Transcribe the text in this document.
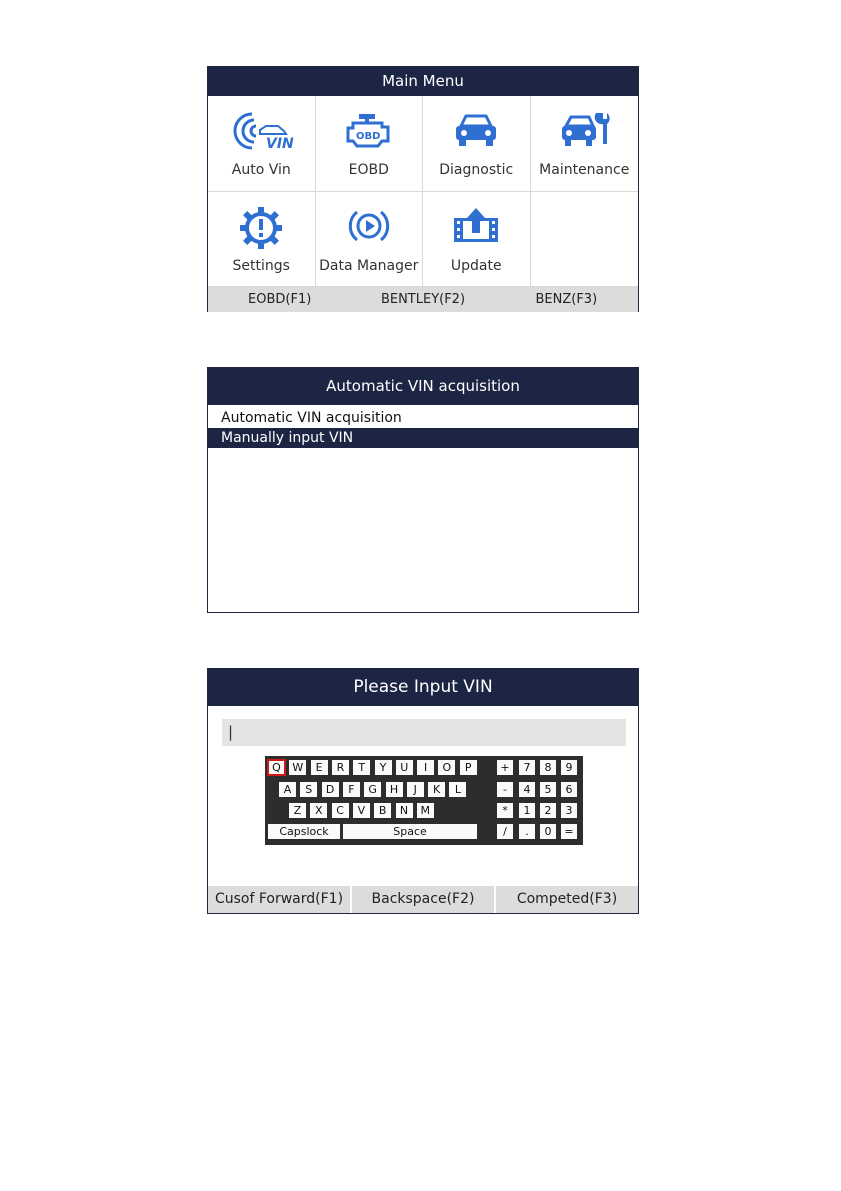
Main Menu
VIN
Auto Vin
OBD
EOBD	Diagnostic	Maintenance
Settings	Data Manager	Update
EOBD(F1)	BENTLEY(F2)	BENZ(F3)
Automatic VIN acquisition
Automatic VIN acquisition
Manually input VIN
Please Input VIN
|
Q	W	E	R	T	Y	U	I	O	P
A	S	D	F	G	H	J	K	L
Z	X	C	V	B	N	M
Capslock	Space
+	7	8	9
-	4	5	6
*	1	2	3
/	.	0	=
Cusof Forward(F1)	Backspace(F2)	Competed(F3)
